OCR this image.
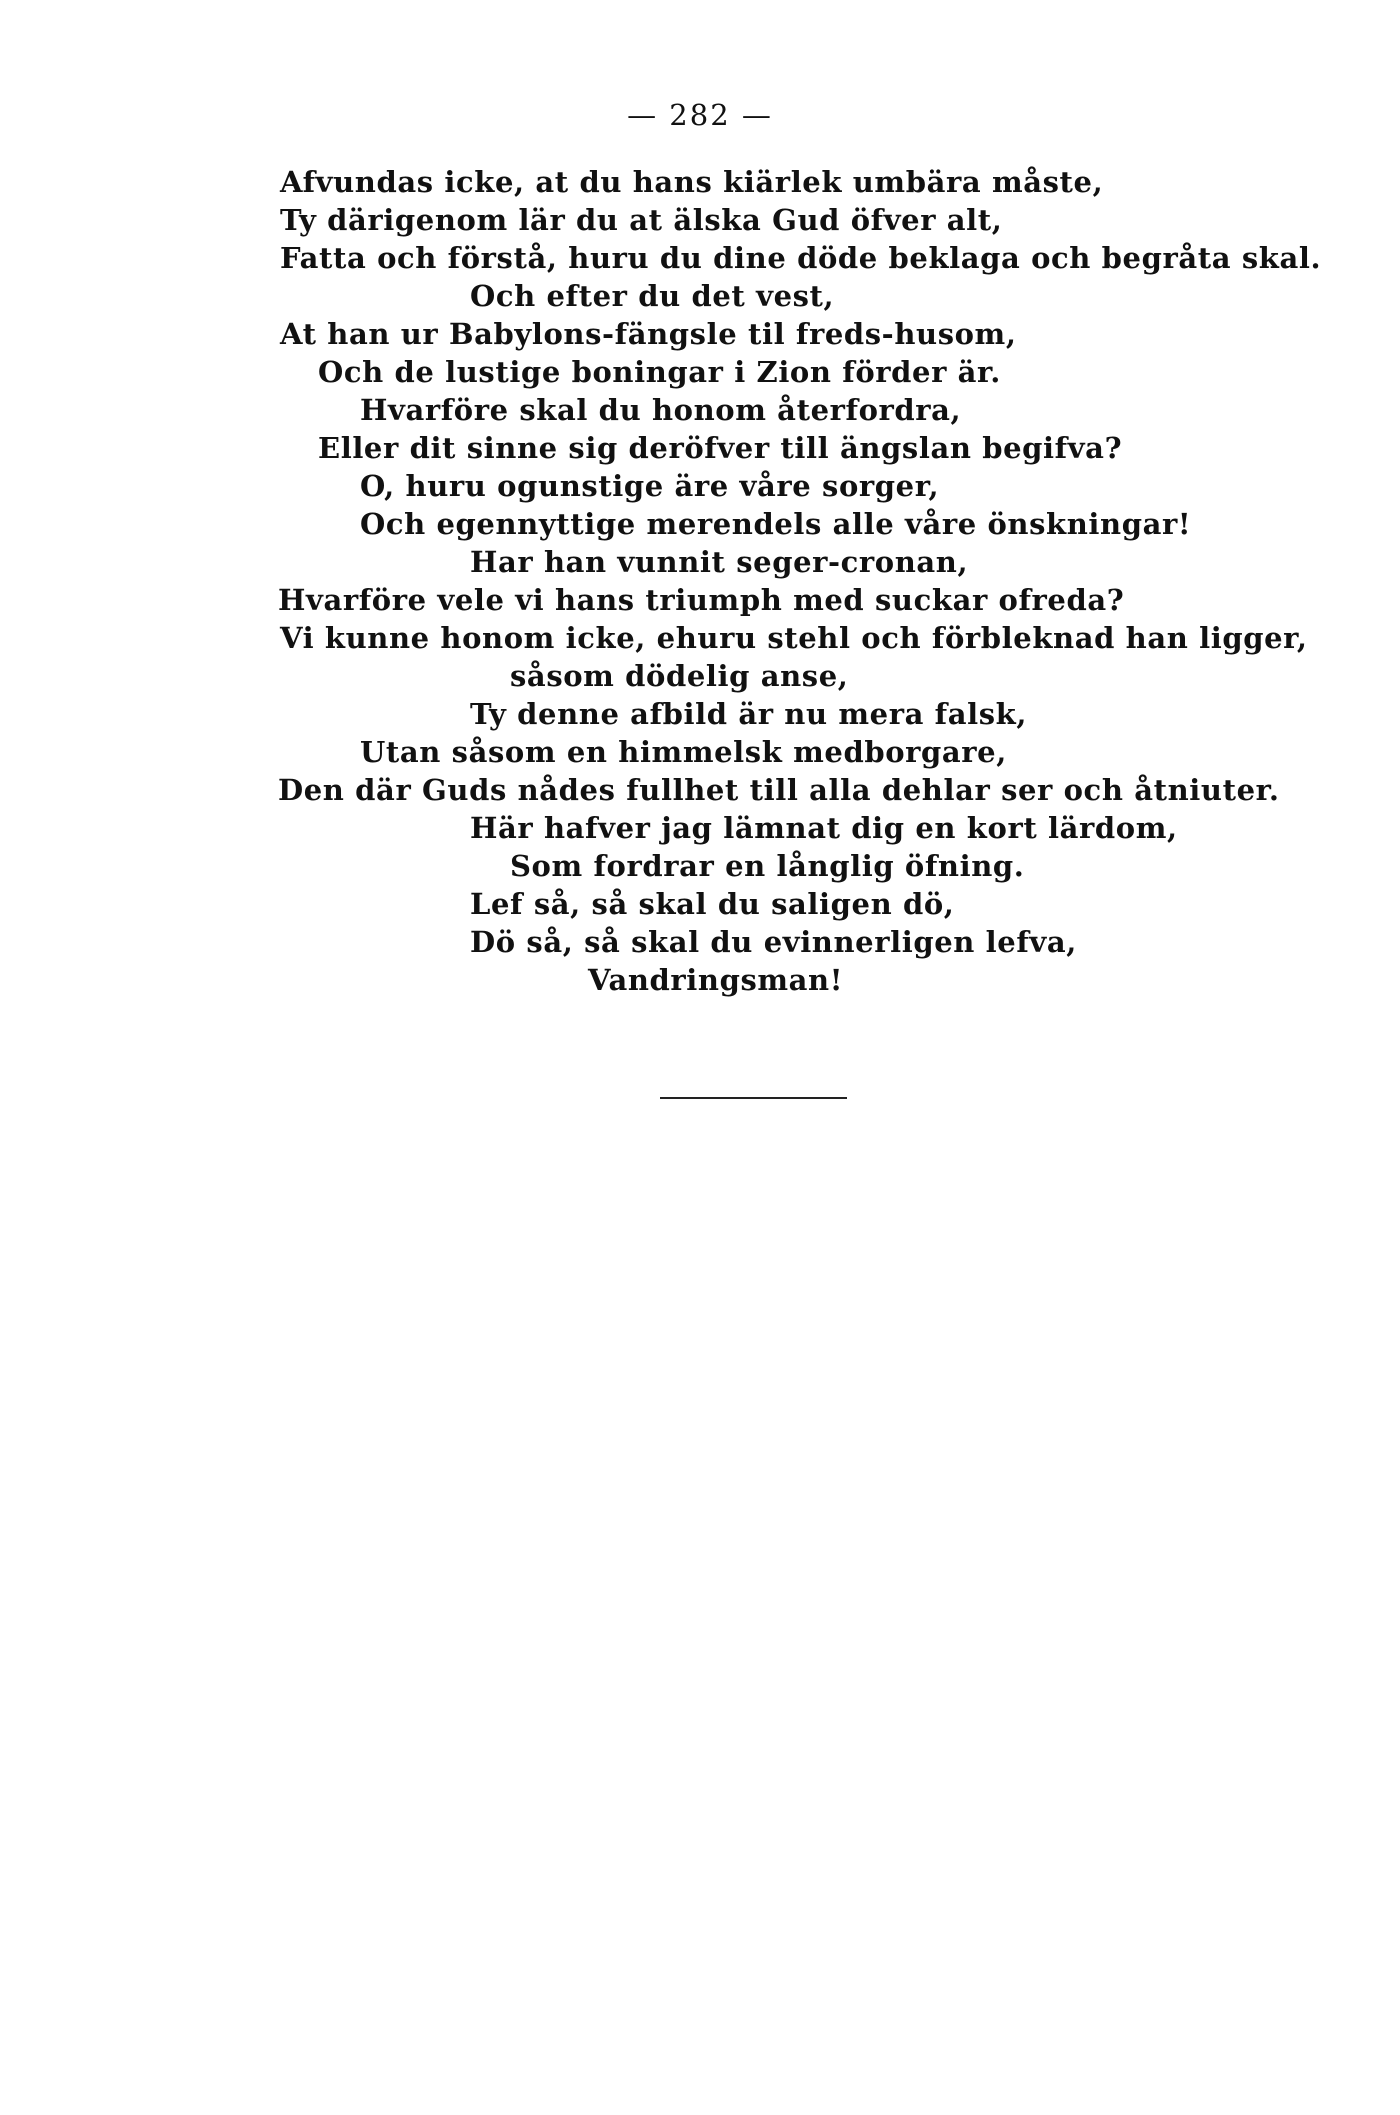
— 282 —
Afvundas icke, at du hans kiärlek umbära måste,
Ty därigenom lär du at älska Gud öfver alt,
Fatta och förstå, huru du dine döde beklaga och begråta skal.
Och efter du det vest,
At han ur Babylons-fängsle til freds-husom,
Och de lustige boningar i Zion förder är.
Hvarföre skal du honom återfordra,
Eller dit sinne sig deröfver till ängslan begifva?
O, huru ogunstige äre våre sorger,
Och egennyttige merendels alle våre önskningar!
Har han vunnit seger-cronan,
Hvarföre vele vi hans triumph med suckar ofreda?
Vi kunne honom icke, ehuru stehl och förbleknad han ligger,
såsom dödelig anse,
Ty denne afbild är nu mera falsk,
Utan såsom en himmelsk medborgare,
Den där Guds nådes fullhet till alla dehlar ser och åtniuter.
Här hafver jag lämnat dig en kort lärdom,
Som fordrar en långlig öfning.
Lef så, så skal du saligen dö,
Dö så, så skal du evinnerligen lefva,
Vandringsman!
